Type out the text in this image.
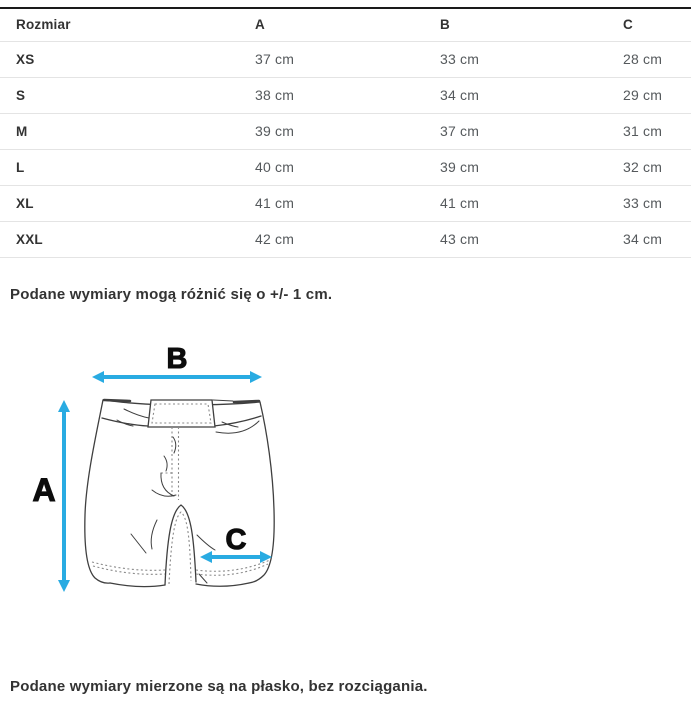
Rozmiar	A	B	C
XS	37 cm	33 cm	28 cm
S	38 cm	34 cm	29 cm
M	39 cm	37 cm	31 cm
L	40 cm	39 cm	32 cm
XL	41 cm	41 cm	33 cm
XXL	42 cm	43 cm	34 cm

Podane wymiary mogą różnić się o +/- 1 cm.

B
A
C

Podane wymiary mierzone są na płasko, bez rozciągania.
